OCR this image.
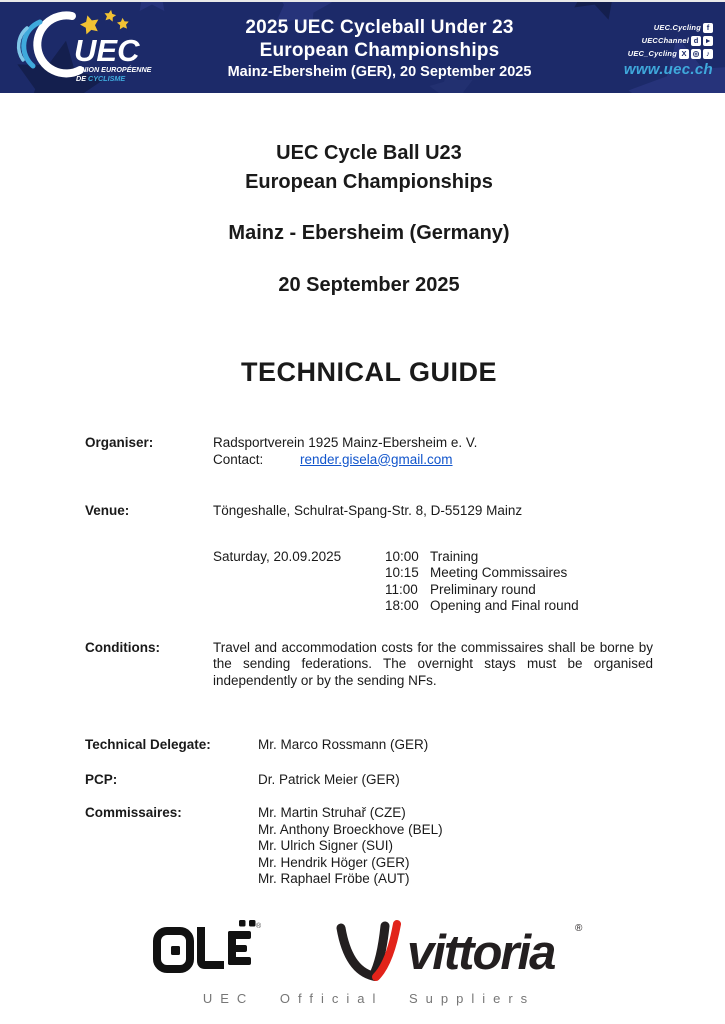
UEC
UNION EUROPÉENNE
DE CYCLISME
2025 UEC Cycleball Under 23
European Championships
Mainz-Ebersheim (GER), 20 September 2025
UEC.Cycling f
UECChannel d	▸
UEC_Cycling X ◎ ♪
www.uec.ch
UEC Cycle Ball U23
European Championships
Mainz - Ebersheim (Germany)
20 September 2025
TECHNICAL GUIDE
Organiser:	Radsportverein 1925 Mainz-Ebersheim e. V.
Contact:	render.gisela@gmail.com
Venue:	Töngeshalle, Schulrat-Spang-Str. 8, D-55129 Mainz
Saturday, 20.09.2025	10:00 Training
10:15 Meeting Commissaires
11:00 Preliminary round
18:00 Opening and Final round
Conditions:	Travel and accommodation costs for the commissaires shall be borne by the sending federations. The overnight stays must be organised independently or by the sending NFs.
Technical Delegate:	Mr. Marco Rossmann (GER)
PCP:	Dr. Patrick Meier (GER)
Commissaires:	Mr. Martin Struhař (CZE)
Mr. Anthony Broeckhove (BEL)
Mr. Ulrich Signer (SUI)
Mr. Hendrik Höger (GER)
Mr. Raphael Fröbe (AUT)
®	vittoria ®
UEC Official Suppliers
